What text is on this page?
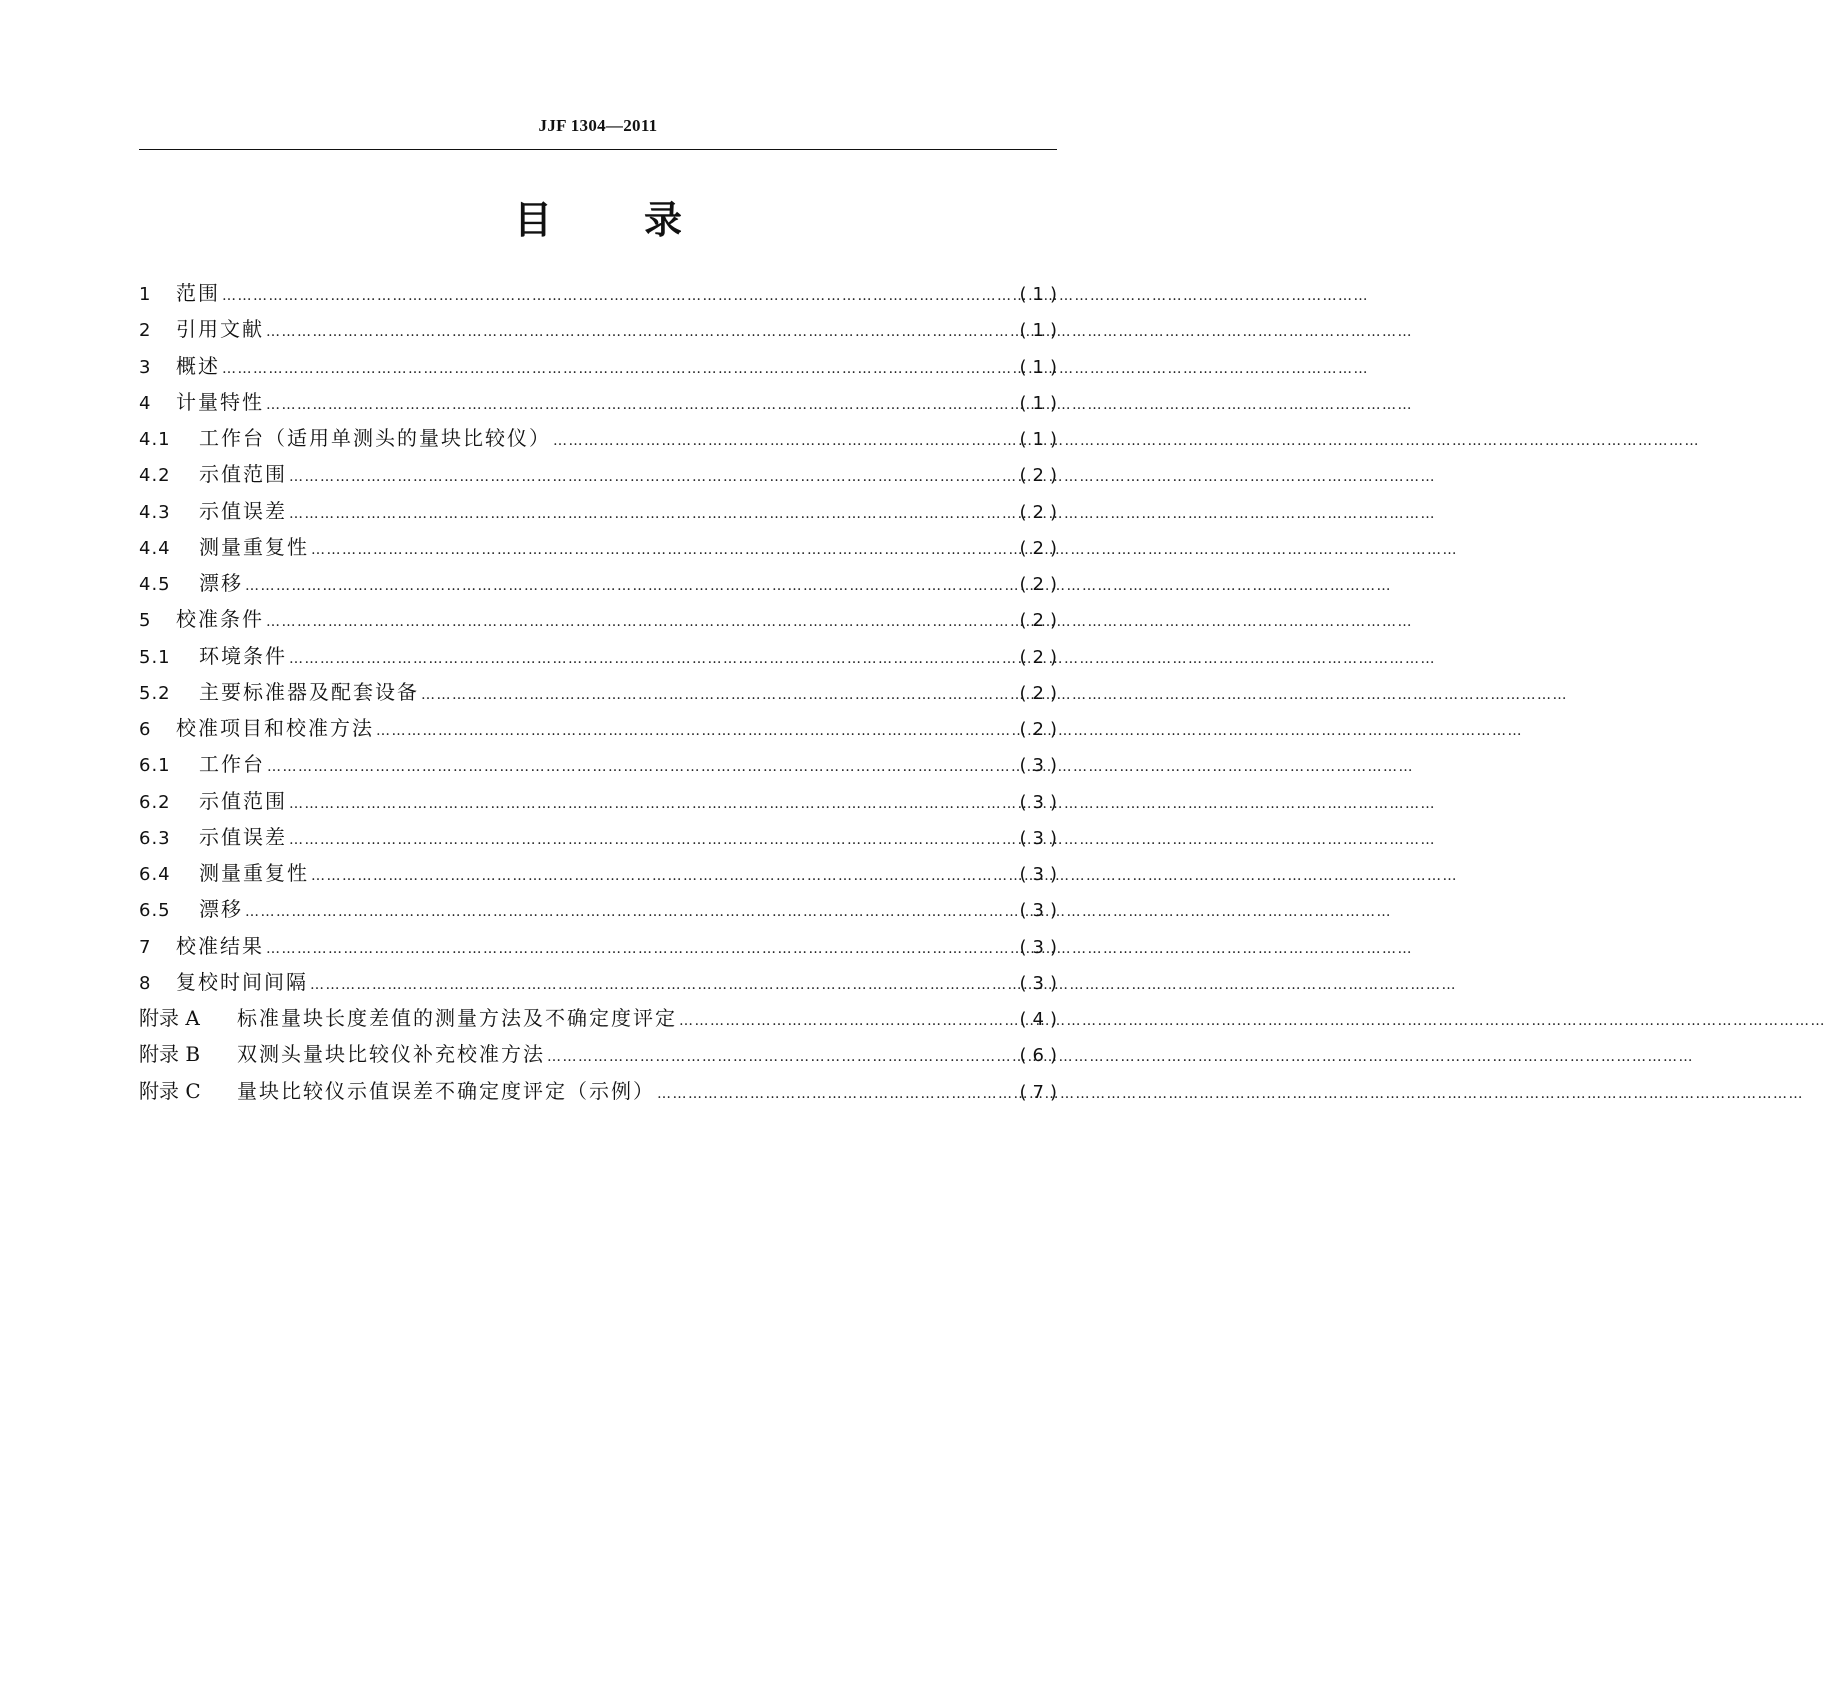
JJF 1304—2011
目 录
1	范围 ……………………………………………………………………………………………………………………………………………………………………………………………………	(1)
2	引用文献 ……………………………………………………………………………………………………………………………………………………………………………………………………	(1)
3	概述 ……………………………………………………………………………………………………………………………………………………………………………………………………	(1)
4	计量特性 ……………………………………………………………………………………………………………………………………………………………………………………………………	(1)
4.1	工作台（适用单测头的量块比较仪） ……………………………………………………………………………………………………………………………………………………………………………………………………	(1)
4.2	示值范围 ……………………………………………………………………………………………………………………………………………………………………………………………………	(2)
4.3	示值误差 ……………………………………………………………………………………………………………………………………………………………………………………………………	(2)
4.4	测量重复性 ……………………………………………………………………………………………………………………………………………………………………………………………………	(2)
4.5	漂移 ……………………………………………………………………………………………………………………………………………………………………………………………………	(2)
5	校准条件 ……………………………………………………………………………………………………………………………………………………………………………………………………	(2)
5.1	环境条件 ……………………………………………………………………………………………………………………………………………………………………………………………………	(2)
5.2	主要标准器及配套设备 ……………………………………………………………………………………………………………………………………………………………………………………………………	(2)
6	校准项目和校准方法 ……………………………………………………………………………………………………………………………………………………………………………………………………	(2)
6.1	工作台 ……………………………………………………………………………………………………………………………………………………………………………………………………	(3)
6.2	示值范围 ……………………………………………………………………………………………………………………………………………………………………………………………………	(3)
6.3	示值误差 ……………………………………………………………………………………………………………………………………………………………………………………………………	(3)
6.4	测量重复性 ……………………………………………………………………………………………………………………………………………………………………………………………………	(3)
6.5	漂移 ……………………………………………………………………………………………………………………………………………………………………………………………………	(3)
7	校准结果 ……………………………………………………………………………………………………………………………………………………………………………………………………	(3)
8	复校时间间隔 ……………………………………………………………………………………………………………………………………………………………………………………………………	(3)
附录 A	标准量块长度差值的测量方法及不确定度评定 ……………………………………………………………………………………………………………………………………………………………………………………………………	(4)
附录 B	双测头量块比较仪补充校准方法 ……………………………………………………………………………………………………………………………………………………………………………………………………	(6)
附录 C	量块比较仪示值误差不确定度评定（示例） ……………………………………………………………………………………………………………………………………………………………………………………………………	(7)
